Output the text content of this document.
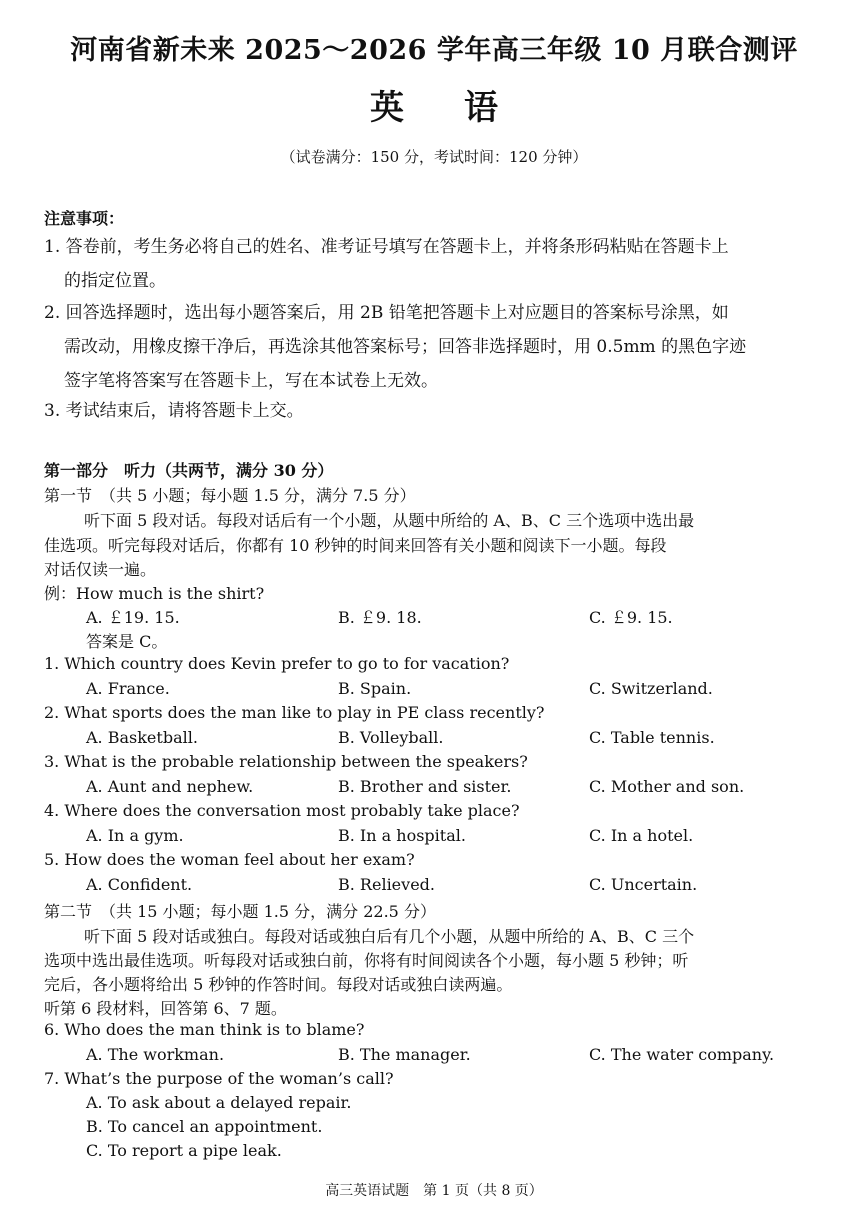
河南省新未来 2025～2026 学年高三年级 10 月联合测评
英语
（试卷满分：150 分，考试时间：120 分钟）
注意事项：
1. 答卷前，考生务必将自己的姓名、准考证号填写在答题卡上，并将条形码粘贴在答题卡上
的指定位置。
2. 回答选择题时，选出每小题答案后，用 2B 铅笔把答题卡上对应题目的答案标号涂黑，如
需改动，用橡皮擦干净后，再选涂其他答案标号；回答非选择题时，用 0.5mm 的黑色字迹
签字笔将答案写在答题卡上，写在本试卷上无效。
3. 考试结束后，请将答题卡上交。
第一部分　听力（共两节，满分 30 分）
第一节　（共 5 小题；每小题 1.5 分，满分 7.5 分）
听下面 5 段对话。每段对话后有一个小题，从题中所给的 A、B、C 三个选项中选出最
佳选项。听完每段对话后，你都有 10 秒钟的时间来回答有关小题和阅读下一小题。每段
对话仅读一遍。
例：How much is the shirt?
A. ￡19. 15.	B. ￡9. 18.	C. ￡9. 15.
答案是 C。
1. Which country does Kevin prefer to go to for vacation?
A. France.	B. Spain.	C. Switzerland.
2. What sports does the man like to play in PE class recently?
A. Basketball.	B. Volleyball.	C. Table tennis.
3. What is the probable relationship between the speakers?
A. Aunt and nephew.	B. Brother and sister.	C. Mother and son.
4. Where does the conversation most probably take place?
A. In a gym.	B. In a hospital.	C. In a hotel.
5. How does the woman feel about her exam?
A. Confident.	B. Relieved.	C. Uncertain.
第二节　（共 15 小题；每小题 1.5 分，满分 22.5 分）
听下面 5 段对话或独白。每段对话或独白后有几个小题，从题中所给的 A、B、C 三个
选项中选出最佳选项。听每段对话或独白前，你将有时间阅读各个小题，每小题 5 秒钟；听
完后，各小题将给出 5 秒钟的作答时间。每段对话或独白读两遍。
听第 6 段材料，回答第 6、7 题。
6. Who does the man think is to blame?
A. The workman.	B. The manager.	C. The water company.
7. What’s the purpose of the woman’s call?
A. To ask about a delayed repair.
B. To cancel an appointment.
C. To report a pipe leak.
高三英语试题　第 1 页（共 8 页）
